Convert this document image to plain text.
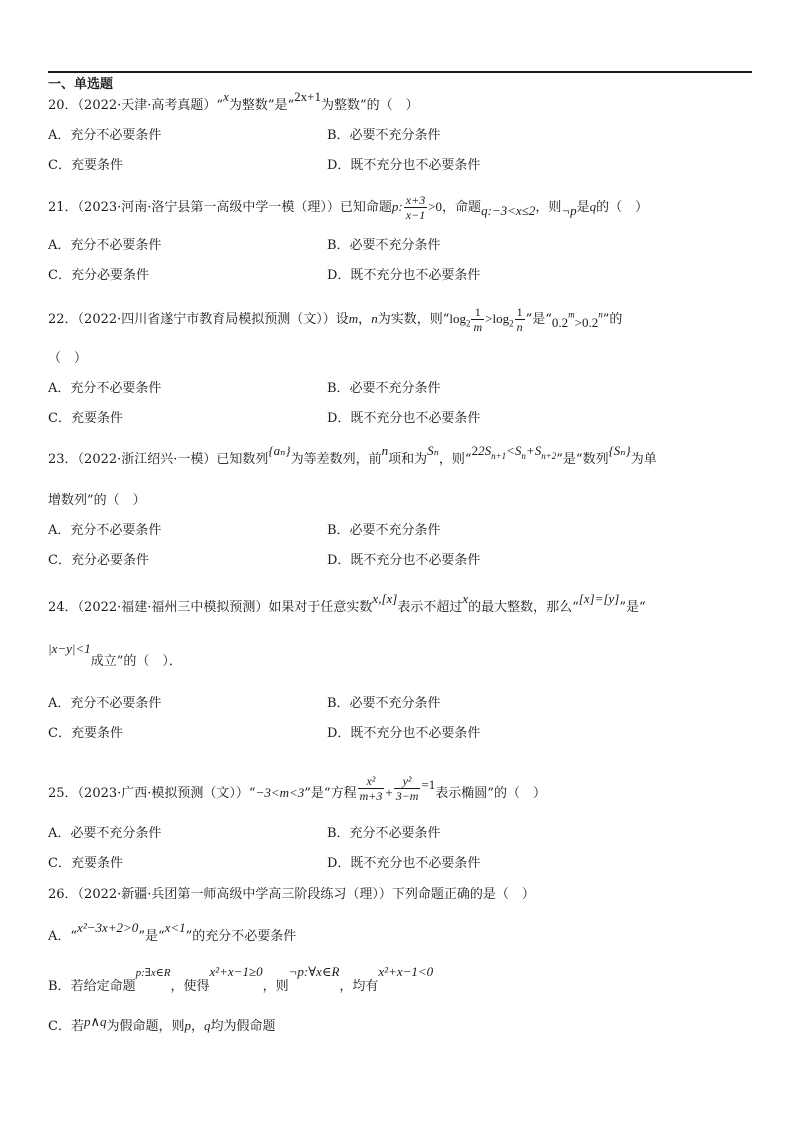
一、单选题
20．（2022·天津·高考真题）“x为整数”是“2x+1为整数”的（　）
A．充分不必要条件	B．必要不充分条件
C．充要条件	D．既不充分也不必要条件
21．（2023·河南·洛宁县第一高级中学一模（理））已知命题p: $\frac{x+3}{x-1} >0$，命题q:−3<x≤2，则¬p是q的（　）
A．充分不必要条件	B．必要不充分条件
C．充分必要条件	D．既不充分也不必要条件
22．（2022·四川省遂宁市教育局模拟预测（文））设m，n为实数，则“$\log_2 \frac{1}{m} >\log_2 \frac{1}{n}$ ”是“$0.2^m>0.2^n$”的
（　）
A．充分不必要条件	B．必要不充分条件
C．充要条件	D．既不充分也不必要条件
23．（2022·浙江绍兴·一模）已知数列{aₙ}为等差数列，前n项和为Sₙ，则“$22S_{n+1}<S_n+S_{n+2}$”是“数列{Sₙ}为单
增数列”的（　）
A．充分不必要条件	B．必要不充分条件
C．充分必要条件	D．既不充分也不必要条件
24．（2022·福建·福州三中模拟预测）如果对于任意实数x,[x]表示不超过x的最大整数，那么“[x]=[y]”是“
|x−y|<1成立”的（　）．
A．充分不必要条件	B．必要不充分条件
C．充要条件	D．既不充分也不必要条件
25．（2023·广西·模拟预测（文））“−3<m<3”是“方程 $\frac{\text{x²}}{m+3} + \frac{\text{y²}}{3-m} =1$表示椭圆”的（　）
A．必要不充分条件	B．充分不必要条件
C．充要条件	D．既不充分也不必要条件
26．（2022·新疆·兵团第一师高级中学高三阶段练习（理））下列命题正确的是（　）
A．“x²−3x+2>0”是“x<1”的充分不必要条件
B．若给定命题$^{p:\exists x\in R}$，使得x²+x−1≥0，则¬p:∀x∈R，均有x²+x−1<0
C．若p∧q为假命题，则p，q均为假命题
